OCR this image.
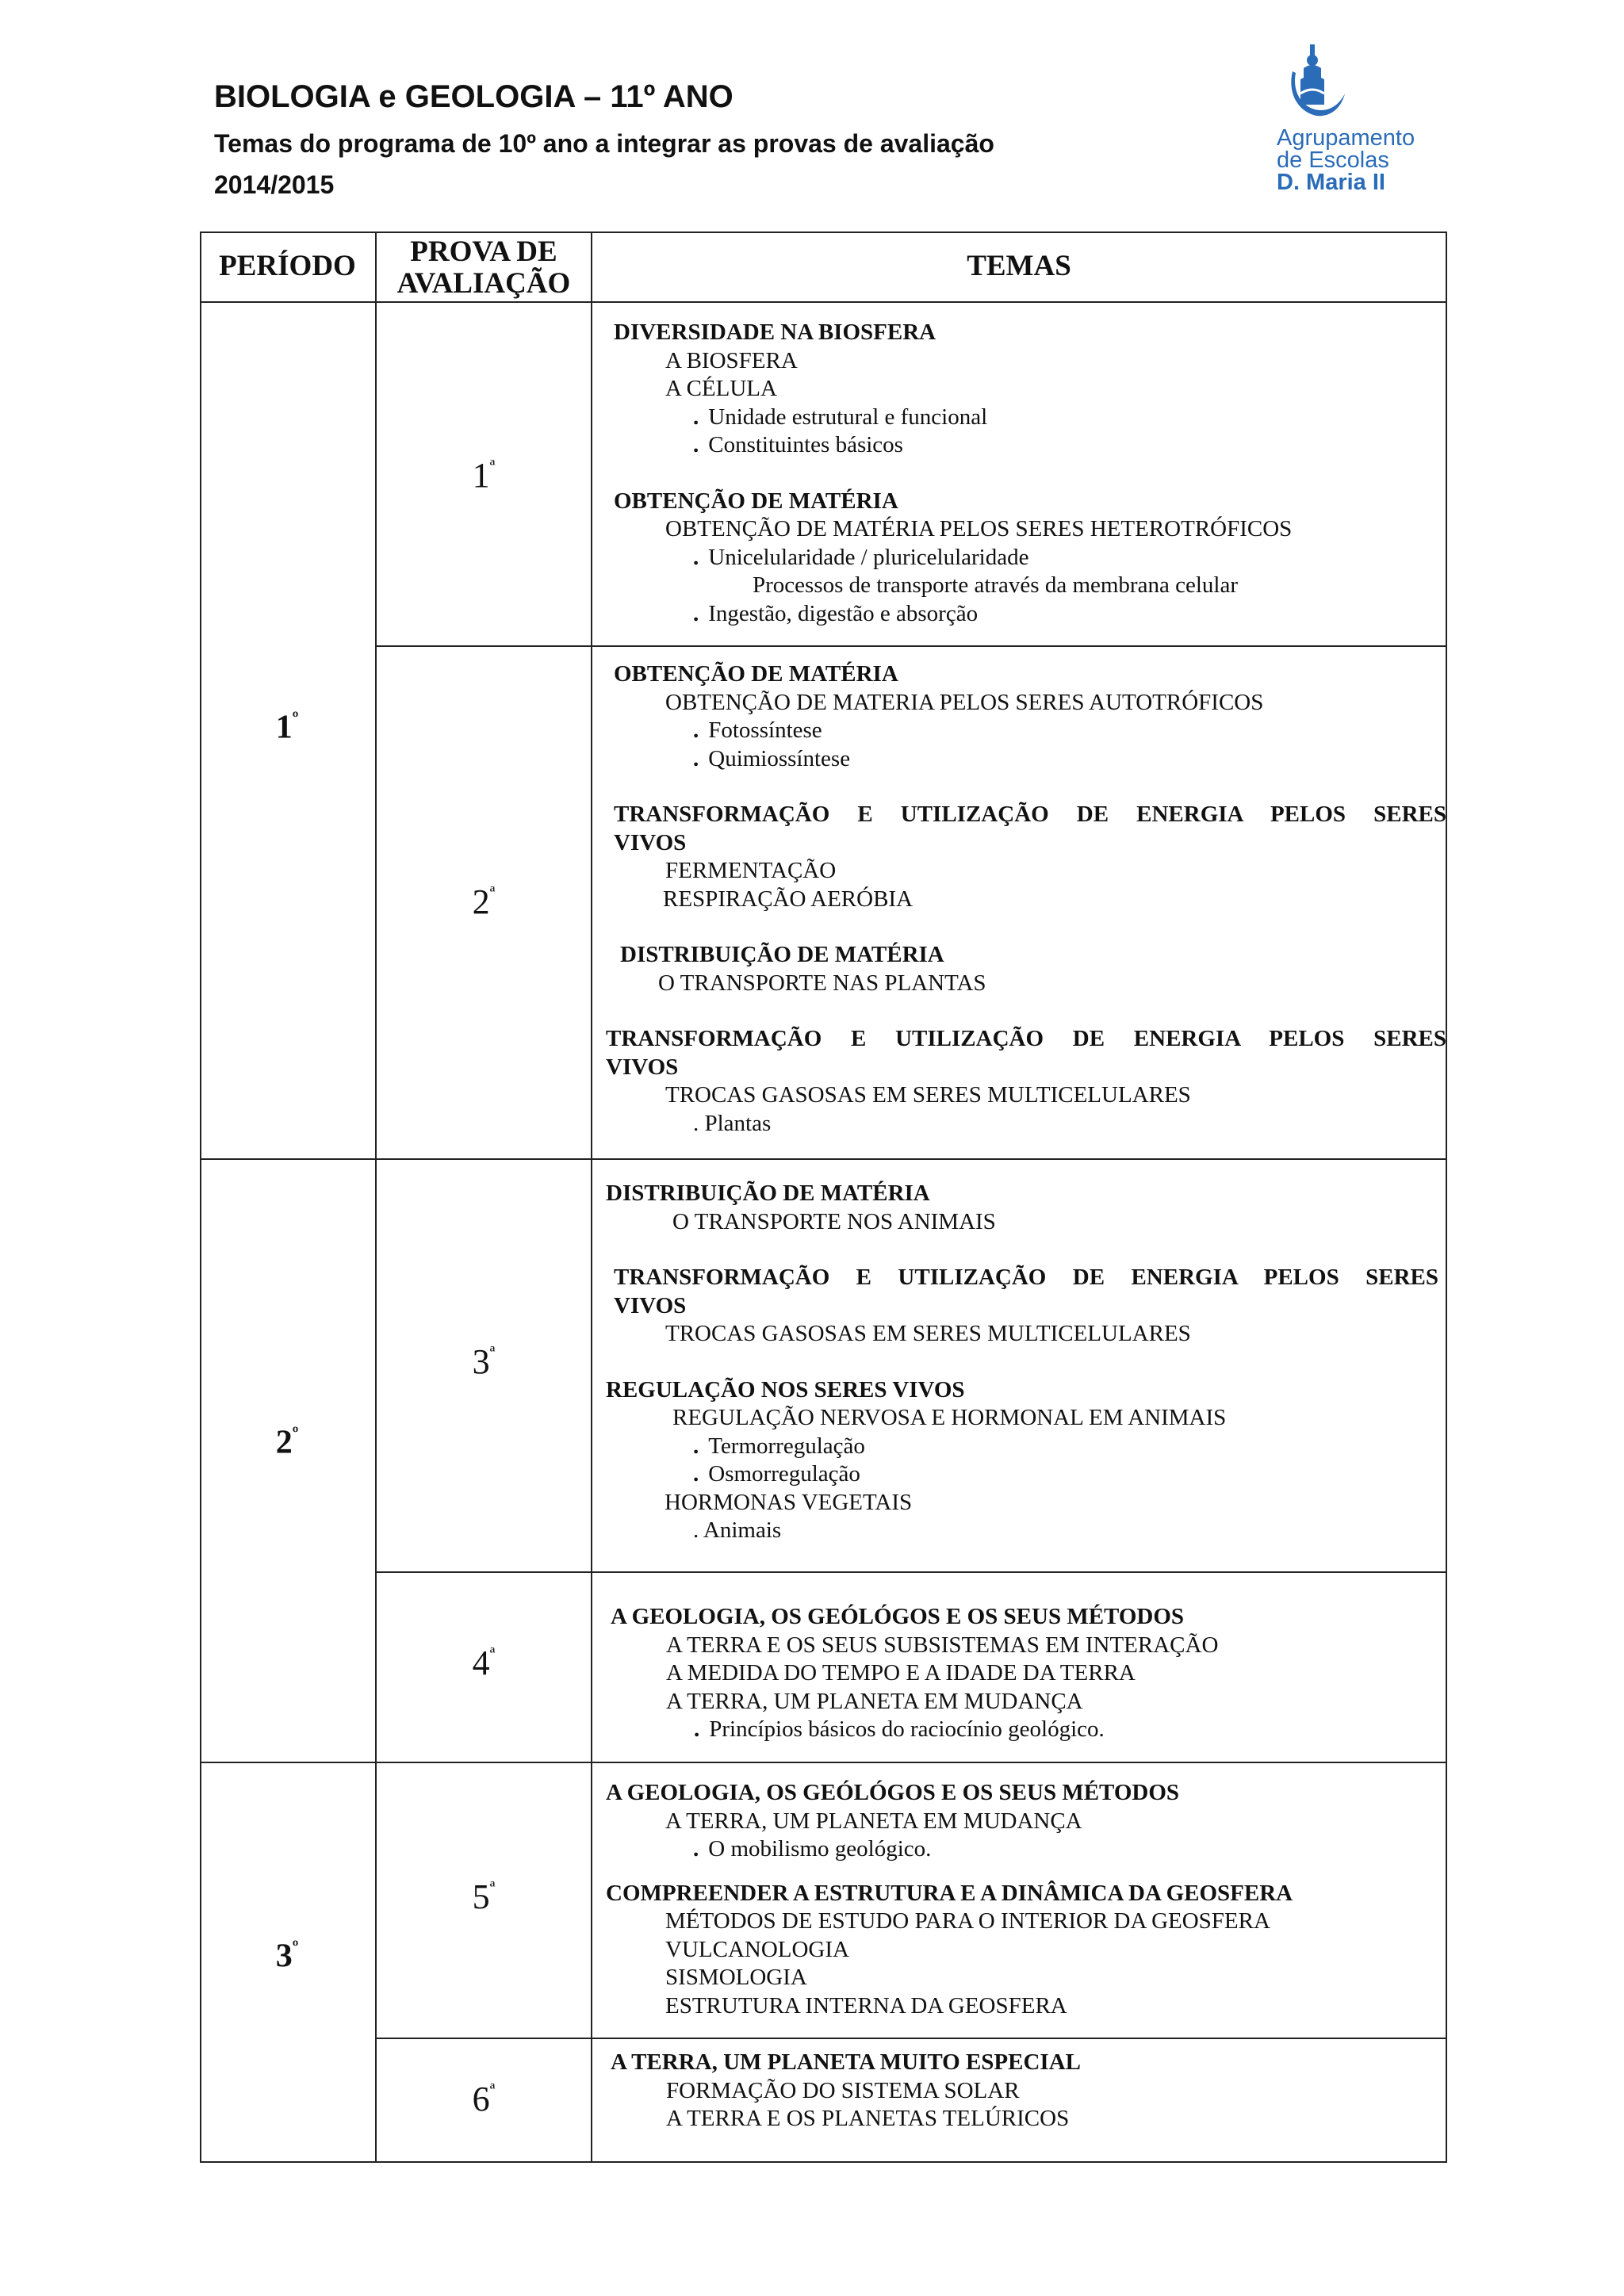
BIOLOGIA e GEOLOGIA – 11º ANO
Temas do programa de 10º ano a integrar as provas de avaliação
2014/2015
Agrupamento
de Escolas
D. Maria II
PERÍODO	PROVA DE
AVALIAÇÃO
TEMAS
$1^º$
$2^º$
$3^º$
$1^ª$
$2^ª$
$3^ª$
$4^ª$
$5^ª$
$6^ª$
DIVERSIDADE NA BIOSFERA
A BIOSFERA
A CÉLULA
. Unidade estrutural e funcional
. Constituintes básicos
OBTENÇÃO DE MATÉRIA
OBTENÇÃO DE MATÉRIA PELOS SERES HETEROTRÓFICOS
. Unicelularidade / pluricelularidade
Processos de transporte através da membrana celular
. Ingestão, digestão e absorção
OBTENÇÃO DE MATÉRIA
OBTENÇÃO DE MATERIA PELOS SERES AUTOTRÓFICOS
. Fotossíntese
. Quimiossíntese
TRANSFORMAÇÃO E UTILIZAÇÃO DE ENERGIA PELOS SERES
VIVOS
FERMENTAÇÃO
RESPIRAÇÃO AERÓBIA
DISTRIBUIÇÃO DE MATÉRIA
O TRANSPORTE NAS PLANTAS
TRANSFORMAÇÃO E UTILIZAÇÃO DE ENERGIA PELOS SERES
VIVOS
TROCAS GASOSAS EM SERES MULTICELULARES
. Plantas
DISTRIBUIÇÃO DE MATÉRIA
O TRANSPORTE NOS ANIMAIS
TRANSFORMAÇÃO E UTILIZAÇÃO DE ENERGIA PELOS SERES
VIVOS
TROCAS GASOSAS EM SERES MULTICELULARES
REGULAÇÃO NOS SERES VIVOS
REGULAÇÃO NERVOSA E HORMONAL EM ANIMAIS
. Termorregulação
. Osmorregulação
HORMONAS VEGETAIS
. Animais
A GEOLOGIA, OS GEÓLÓGOS E OS SEUS MÉTODOS
A TERRA E OS SEUS SUBSISTEMAS EM INTERAÇÃO
A MEDIDA DO TEMPO E A IDADE DA TERRA
A TERRA, UM PLANETA EM MUDANÇA
. Princípios básicos do raciocínio geológico.
A GEOLOGIA, OS GEÓLÓGOS E OS SEUS MÉTODOS
A TERRA, UM PLANETA EM MUDANÇA
. O mobilismo geológico.
COMPREENDER A ESTRUTURA E A DINÂMICA DA GEOSFERA
MÉTODOS DE ESTUDO PARA O INTERIOR DA GEOSFERA
VULCANOLOGIA
SISMOLOGIA
ESTRUTURA INTERNA DA GEOSFERA
A TERRA, UM PLANETA MUITO ESPECIAL
FORMAÇÃO DO SISTEMA SOLAR
A TERRA E OS PLANETAS TELÚRICOS
